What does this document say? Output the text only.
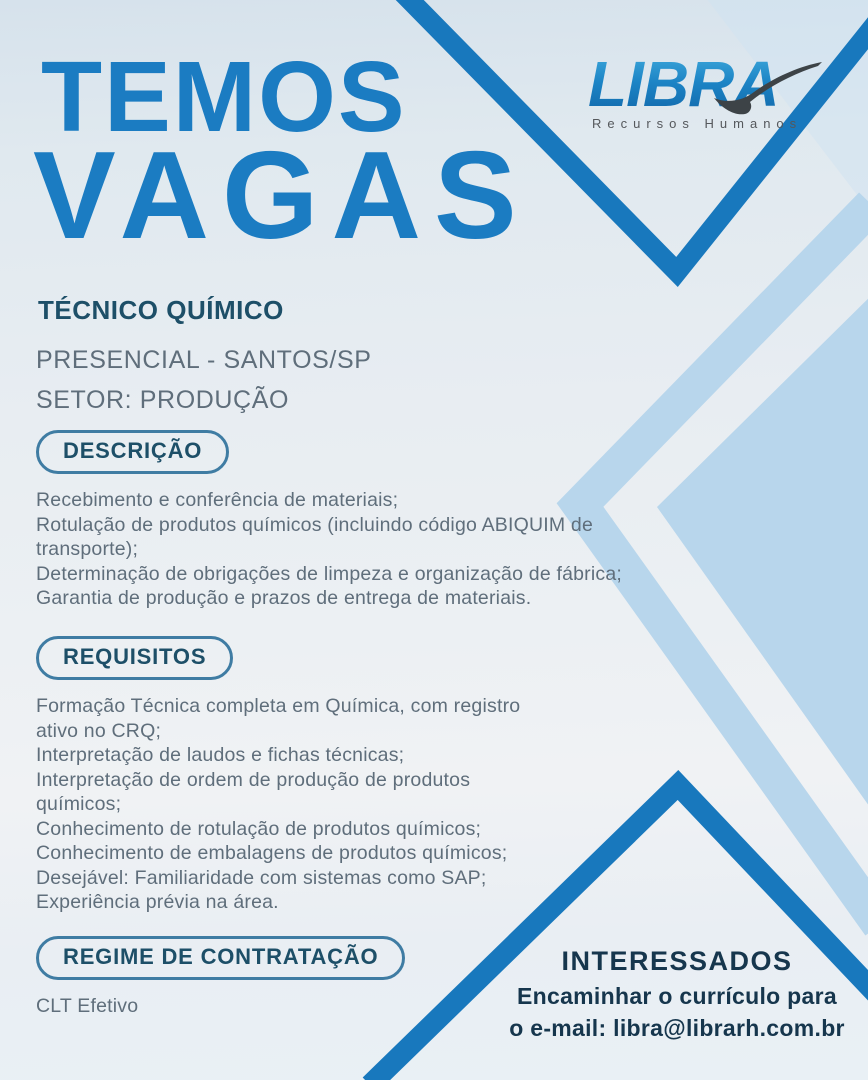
TEMOS
VAGAS
LIBRA
Recursos Humanos
TÉCNICO QUÍMICO
PRESENCIAL - SANTOS/SP
SETOR: PRODUÇÃO
DESCRIÇÃO
Recebimento e conferência de materiais;
Rotulação de produtos químicos (incluindo código ABIQUIM de
transporte);
Determinação de obrigações de limpeza e organização de fábrica;
Garantia de produção e prazos de entrega de materiais.
REQUISITOS
Formação Técnica completa em Química, com registro
ativo no CRQ;
Interpretação de laudos e fichas técnicas;
Interpretação de ordem de produção de produtos
químicos;
Conhecimento de rotulação de produtos químicos;
Conhecimento de embalagens de produtos químicos;
Desejável: Familiaridade com sistemas como SAP;
Experiência prévia na área.
REGIME DE CONTRATAÇÃO
CLT Efetivo
INTERESSADOS
Encaminhar o currículo para
o e-mail: libra@librarh.com.br
